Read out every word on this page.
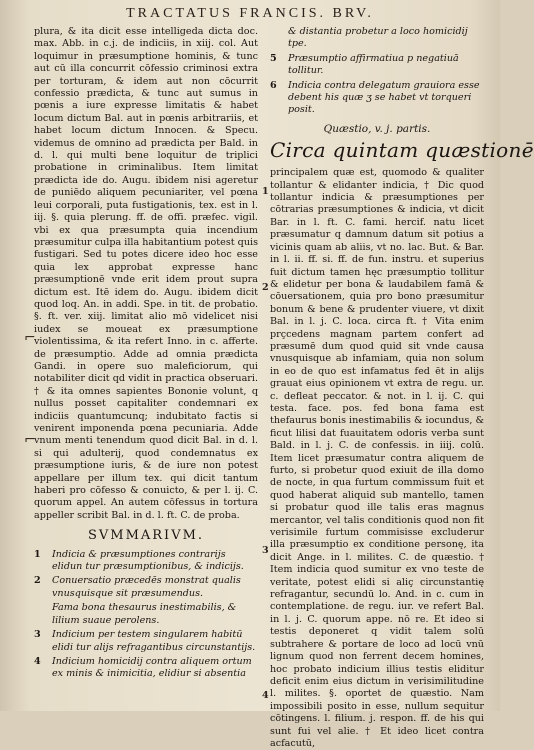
TRACTATUS FRANCIS. BRV.

plura, & ita dicit esse intelligeda dicta doc. max. Abb. in c.j. de indiciis, in xiij. col. Aut loquimur in præsumptione hominis, & tunc aut cū illa concurrit cōfessio criminosi extra per torturam, & idem aut non cōcurrit confessio prædicta, & tunc aut sumus in pœnis a iure expresse limitatis & habet locum dictum Bal. aut in pœnis arbitrariis, et habet locum dictum Innocen. & Specu. videmus de omnino ad prædicta per Bald. in d. l. qui multi bene loquitur de triplici probatione in criminalibus. Item limitat prædicta ide do. Augu. ibidem nisi ageretur de puniēdo aliquem pecuniariter, vel pœna leui corporali, puta fustigationis, tex. est in l. iij. §. quia plerung. ff. de offi. præfec. vigil. vbi ex qua præsumpta quia incendium præsumitur culpa illa habitantium potest quis fustigari. Sed tu potes dicere ideo hoc esse quia lex approbat expresse hanc præsumptionē vnde erit idem prout supra dictum est. Itē idem do. Augu. ibidem dicit quod loq. An. in addi. Spe. in tit. de probatio. §. ft. ver. xiij. limitat alio mō videlicet nisi iudex se moueat ex præsumptione violentissima, & ita refert Inno. in c. afferte. de præsumptio. Adde ad omnia prædicta Gandi. in opere suo maleficiorum, qui notabiliter dicit qd vidit in practica obseruari. † & ita omnes sapientes Bononie volunt, q nullus posset capitaliter condemnari ex indiciis quantumcunq; indubitato factis si venirent imponenda pœna pecuniaria. Adde vnum menti tenendum quod dicit Bal. in d. l. si qui adulterij, quod condemnatus ex præsumptione iuris, & de iure non potest appellare per illum tex. qui dicit tantum haberi pro cōfesso & conuicto, & per l. ij. C. quorum appel. An autem cōfessus in tortura appeller scribit Bal. in d. l. ft. C. de proba.

SVMMARIVM.
1 Indicia & præsumptiones contrarijs elidun tur præsumptionibus, & indicijs.
2 Conuersatio præcedēs monstrat qualis vnusquisque sit præsumendus.
Fama bona thesaurus inestimabilis, & lilium suaue perolens.
3 Indicium per testem singularem habitū elidi tur alijs refragantibus circunstantijs.
4 Indicium homicidij contra aliquem ortum ex minis & inimicitia, elidiur si absentia
& distantia probetur a loco homicidij tpe.
5 Præsumptio affirmatiua p negatiuā tollitur.
6 Indicia contra delegatum grauiora esse debent his quæ ʒ se habet vt torqueri posit.
Quæstio, v. j. partis.
Circa quintam quæstionē

principalem quæ est, quomodo & qualiter tollantur & elidanter indicia, † Dic quod tollantur indicia & præsumptiones per cōtrarias præsumptiones & indicia, vt dicit Bar. in l. ft. C. fami. hercif. natu licet præsumatur q damnum datum sit potius a vicinis quam ab aliis, vt no. lac. But. & Bar. in l. ii. ff. si. ff. de fun. instru. et superius fuit dictum tamen hęc præsumptio tollitur & elidetur per bona & laudabilem famā & cōuersationem, quia pro bono præsumitur bonum & bene & prudenter viuere, vt dixit Bal. in l. j. C. loca. circa ft. † Vita enim prçcedens magnam partem confert ad præsumē dum quod quid sit vnde causa vnusquisque ab infamiam, quia non solum in eo de quo est infamatus fed ēt in alijs grauat eius opinionem vt extra de regu. ur. c. defleat peccator. & not. in l. ij. C. qui testa. face. pos. fed bona fama est thefaurus bonis inestimabilis & iocundus, & ficut lilisi dat fuauitatem odoris verba sunt Bald. in l. j. C. de confessis. in iiij. colū. Item licet præsumatur contra aliquem de furto, si probetur quod exiuit de illa domo de nocte, in qua furtum commissum fuit et quod haberat aliquid sub mantello, tamen si probatur quod ille talis eras magnus mercantor, vel talis conditionis quod non fit verisimile furtum commisisse excluderur illa præsumptio ex conditione personę, ita dicit Ange. in l. milites. C. de quæstio. † Item indicia quod sumitur ex vno teste de veritate, potest elidi si aliç circunstantię refragantur, secundū lo. And. in c. cum in contemplatione. de regu. iur. ve refert Bal. in l. j. C. quorum appe. nō re. Et ideo si testis deponeret q vidit talem solū subtrahere & portare de loco ad locū vnū lignum quod non ferrent decem homines, hoc probato indicium illius testis eliditur deficit enim eius dictum in verisimilitudine l. milites. §. oportet de quæstio. Nam impossibili posito in esse, nullum sequitur cōtingens. l. filium. j. respon. ff. de his qui sunt fui vel alie. † Et ideo licet contra acfacutū,

2
1
3
4
⌐
⌐
